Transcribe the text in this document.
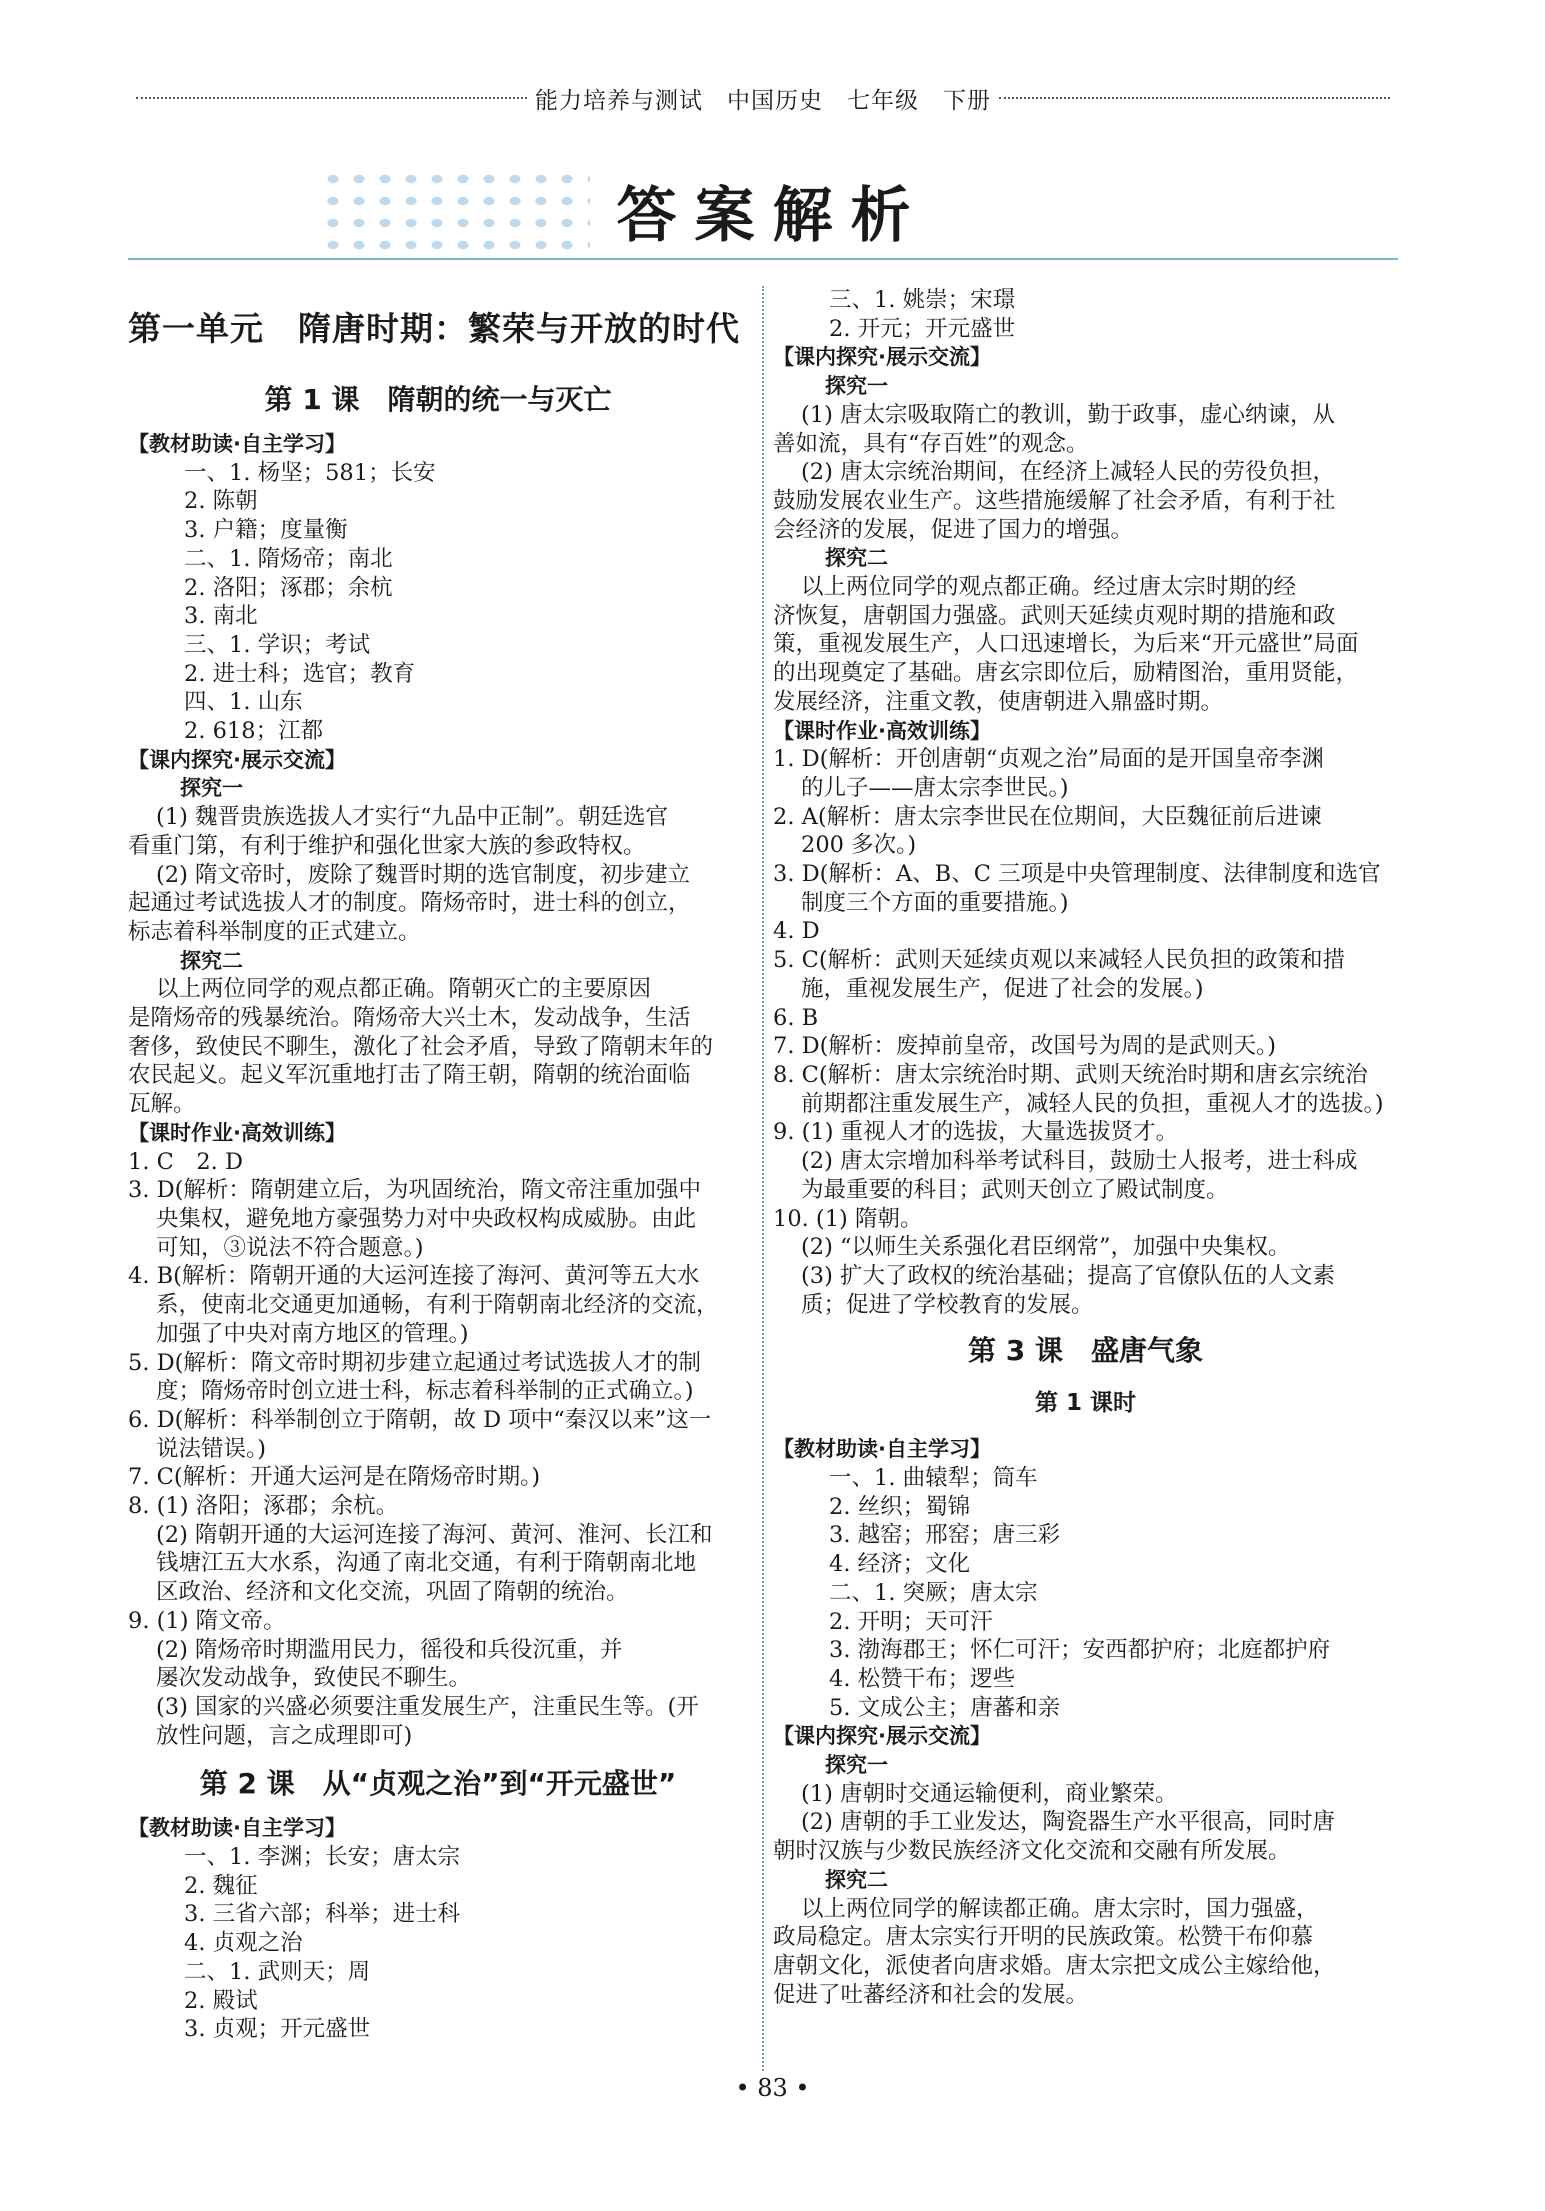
能力培养与测试　中国历史　七年级　下册
答案解析
第一单元　隋唐时期：繁荣与开放的时代
第 1 课　隋朝的统一与灭亡
【教材助读·自主学习】
一、1. 杨坚；581；长安
2. 陈朝
3. 户籍；度量衡
二、1. 隋炀帝；南北
2. 洛阳；涿郡；余杭
3. 南北
三、1. 学识；考试
2. 进士科；选官；教育
四、1. 山东
2. 618；江都
【课内探究·展示交流】
探究一
(1) 魏晋贵族选拔人才实行“九品中正制”。朝廷选官
看重门第，有利于维护和强化世家大族的参政特权。
(2) 隋文帝时，废除了魏晋时期的选官制度，初步建立
起通过考试选拔人才的制度。隋炀帝时，进士科的创立，
标志着科举制度的正式建立。
探究二
以上两位同学的观点都正确。隋朝灭亡的主要原因
是隋炀帝的残暴统治。隋炀帝大兴土木，发动战争，生活
奢侈，致使民不聊生，激化了社会矛盾，导致了隋朝末年的
农民起义。起义军沉重地打击了隋王朝，隋朝的统治面临
瓦解。
【课时作业·高效训练】
1. C　2. D
3. D(解析：隋朝建立后，为巩固统治，隋文帝注重加强中
央集权，避免地方豪强势力对中央政权构成威胁。由此
可知，③说法不符合题意。)
4. B(解析：隋朝开通的大运河连接了海河、黄河等五大水
系，使南北交通更加通畅，有利于隋朝南北经济的交流，
加强了中央对南方地区的管理。)
5. D(解析：隋文帝时期初步建立起通过考试选拔人才的制
度；隋炀帝时创立进士科，标志着科举制的正式确立。)
6. D(解析：科举制创立于隋朝，故 D 项中“秦汉以来”这一
说法错误。)
7. C(解析：开通大运河是在隋炀帝时期。)
8. (1) 洛阳；涿郡；余杭。
(2) 隋朝开通的大运河连接了海河、黄河、淮河、长江和
钱塘江五大水系，沟通了南北交通，有利于隋朝南北地
区政治、经济和文化交流，巩固了隋朝的统治。
9. (1) 隋文帝。
(2) 隋炀帝时期滥用民力，徭役和兵役沉重，并
屡次发动战争，致使民不聊生。
(3) 国家的兴盛必须要注重发展生产，注重民生等。(开
放性问题，言之成理即可)
第 2 课　从“贞观之治”到“开元盛世”
【教材助读·自主学习】
一、1. 李渊；长安；唐太宗
2. 魏征
3. 三省六部；科举；进士科
4. 贞观之治
二、1. 武则天；周
2. 殿试
3. 贞观；开元盛世
三、1. 姚崇；宋璟
2. 开元；开元盛世
【课内探究·展示交流】
探究一
(1) 唐太宗吸取隋亡的教训，勤于政事，虚心纳谏，从
善如流，具有“存百姓”的观念。
(2) 唐太宗统治期间，在经济上减轻人民的劳役负担，
鼓励发展农业生产。这些措施缓解了社会矛盾，有利于社
会经济的发展，促进了国力的增强。
探究二
以上两位同学的观点都正确。经过唐太宗时期的经
济恢复，唐朝国力强盛。武则天延续贞观时期的措施和政
策，重视发展生产，人口迅速增长，为后来“开元盛世”局面
的出现奠定了基础。唐玄宗即位后，励精图治，重用贤能，
发展经济，注重文教，使唐朝进入鼎盛时期。
【课时作业·高效训练】
1. D(解析：开创唐朝“贞观之治”局面的是开国皇帝李渊
的儿子——唐太宗李世民。)
2. A(解析：唐太宗李世民在位期间，大臣魏征前后进谏
200 多次。)
3. D(解析：A、B、C 三项是中央管理制度、法律制度和选官
制度三个方面的重要措施。)
4. D
5. C(解析：武则天延续贞观以来减轻人民负担的政策和措
施，重视发展生产，促进了社会的发展。)
6. B
7. D(解析：废掉前皇帝，改国号为周的是武则天。)
8. C(解析：唐太宗统治时期、武则天统治时期和唐玄宗统治
前期都注重发展生产，减轻人民的负担，重视人才的选拔。)
9. (1) 重视人才的选拔，大量选拔贤才。
(2) 唐太宗增加科举考试科目，鼓励士人报考，进士科成
为最重要的科目；武则天创立了殿试制度。
10. (1) 隋朝。
(2) “以师生关系强化君臣纲常”，加强中央集权。
(3) 扩大了政权的统治基础；提高了官僚队伍的人文素
质；促进了学校教育的发展。
第 3 课　盛唐气象
第 1 课时
【教材助读·自主学习】
一、1. 曲辕犁；筒车
2. 丝织；蜀锦
3. 越窑；邢窑；唐三彩
4. 经济；文化
二、1. 突厥；唐太宗
2. 开明；天可汗
3. 渤海郡王；怀仁可汗；安西都护府；北庭都护府
4. 松赞干布；逻些
5. 文成公主；唐蕃和亲
【课内探究·展示交流】
探究一
(1) 唐朝时交通运输便利，商业繁荣。
(2) 唐朝的手工业发达，陶瓷器生产水平很高，同时唐
朝时汉族与少数民族经济文化交流和交融有所发展。
探究二
以上两位同学的解读都正确。唐太宗时，国力强盛，
政局稳定。唐太宗实行开明的民族政策。松赞干布仰慕
唐朝文化，派使者向唐求婚。唐太宗把文成公主嫁给他，
促进了吐蕃经济和社会的发展。
• 83 •
